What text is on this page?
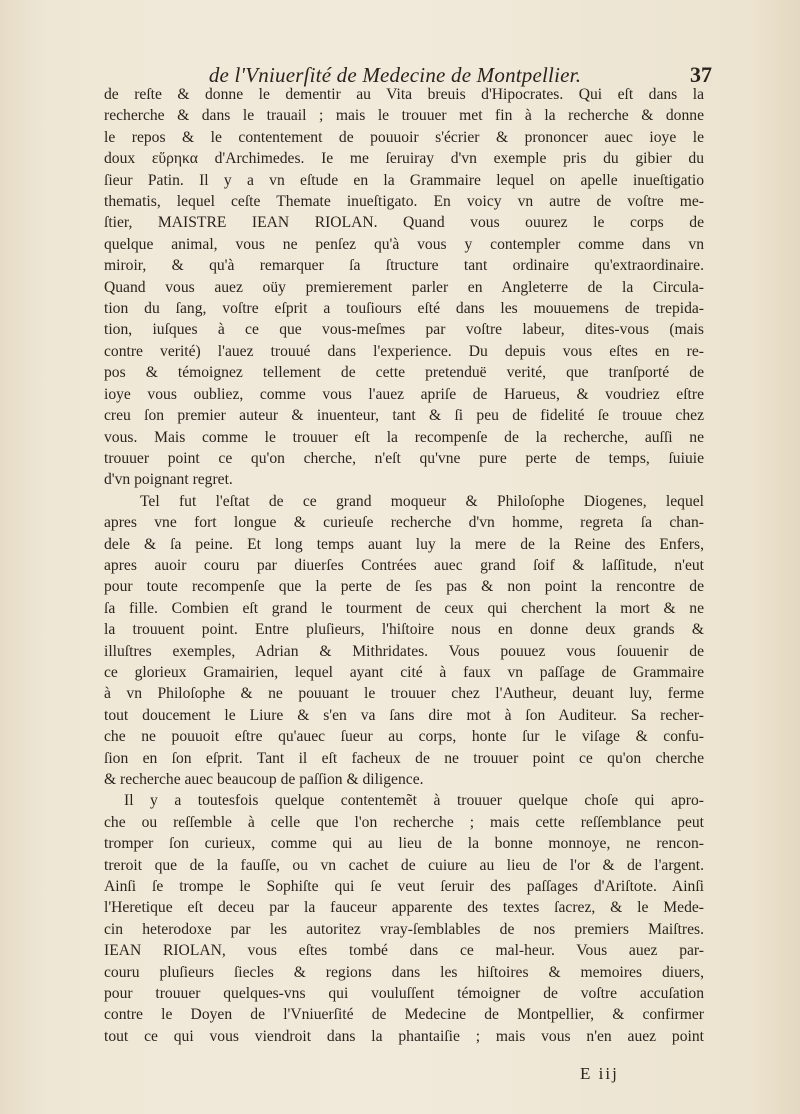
de l'Vniuerſité de Medecine de Montpellier.	37
de reſte & donne le dementir au Vita breuis d'Hipocrates. Qui eſt dans la
recherche & dans le trauail ; mais le trouuer met fin à la recherche & donne
le repos & le contentement de pouuoir s'écrier & prononcer auec ioye le
doux εὕρηκα d'Archimedes. Ie me ſeruiray d'vn exemple pris du gibier du
ſieur Patin. Il y a vn eſtude en la Grammaire lequel on apelle inueſtigatio
thematis, lequel ceſte Themate inueſtigato. En voicy vn autre de voſtre me-
ſtier, MAISTRE IEAN RIOLAN. Quand vous ouurez le corps de
quelque animal, vous ne penſez qu'à vous y contempler comme dans vn
miroir, & qu'à remarquer ſa ſtructure tant ordinaire qu'extraordinaire.
Quand vous auez oüy premierement parler en Angleterre de la Circula-
tion du ſang, voſtre eſprit a touſiours eſté dans les mouuemens de trepida-
tion, iuſques à ce que vous-meſmes par voſtre labeur, dites-vous (mais
contre verité) l'auez trouué dans l'experience. Du depuis vous eſtes en re-
pos & témoignez tellement de cette pretenduë verité, que tranſporté de
ioye vous oubliez, comme vous l'auez apriſe de Harueus, & voudriez eſtre
creu ſon premier auteur & inuenteur, tant & ſi peu de fidelité ſe trouue chez
vous. Mais comme le trouuer eſt la recompenſe de la recherche, auſſi ne
trouuer point ce qu'on cherche, n'eſt qu'vne pure perte de temps, ſuiuie
d'vn poignant regret.
Tel fut l'eſtat de ce grand moqueur & Philoſophe Diogenes, lequel
apres vne fort longue & curieuſe recherche d'vn homme, regreta ſa chan-
dele & ſa peine. Et long temps auant luy la mere de la Reine des Enfers,
apres auoir couru par diuerſes Contrées auec grand ſoif & laſſitude, n'eut
pour toute recompenſe que la perte de ſes pas & non point la rencontre de
ſa fille. Combien eſt grand le tourment de ceux qui cherchent la mort & ne
la trouuent point. Entre pluſieurs, l'hiſtoire nous en donne deux grands &
illuſtres exemples, Adrian & Mithridates. Vous pouuez vous ſouuenir de
ce glorieux Gramairien, lequel ayant cité à faux vn paſſage de Grammaire
à vn Philoſophe & ne pouuant le trouuer chez l'Autheur, deuant luy, ferme
tout doucement le Liure & s'en va ſans dire mot à ſon Auditeur. Sa recher-
che ne pouuoit eſtre qu'auec ſueur au corps, honte ſur le viſage & confu-
ſion en ſon eſprit. Tant il eſt facheux de ne trouuer point ce qu'on cherche
& recherche auec beaucoup de paſſion & diligence.
Il y a toutesfois quelque contentemẽt à trouuer quelque choſe qui apro-
che ou reſſemble à celle que l'on recherche ; mais cette reſſemblance peut
tromper ſon curieux, comme qui au lieu de la bonne monnoye, ne rencon-
treroit que de la fauſſe, ou vn cachet de cuiure au lieu de l'or & de l'argent.
Ainſi ſe trompe le Sophiſte qui ſe veut ſeruir des paſſages d'Ariſtote. Ainſi
l'Heretique eſt deceu par la fauceur apparente des textes ſacrez, & le Mede-
cin heterodoxe par les autoritez vray-ſemblables de nos premiers Maiſtres.
IEAN RIOLAN, vous eſtes tombé dans ce mal-heur. Vous auez par-
couru pluſieurs ſiecles & regions dans les hiſtoires & memoires diuers,
pour trouuer quelques-vns qui vouluſſent témoigner de voſtre accuſation
contre le Doyen de l'Vniuerſité de Medecine de Montpellier, & confirmer
tout ce qui vous viendroit dans la phantaiſie ; mais vous n'en auez point
E iij
